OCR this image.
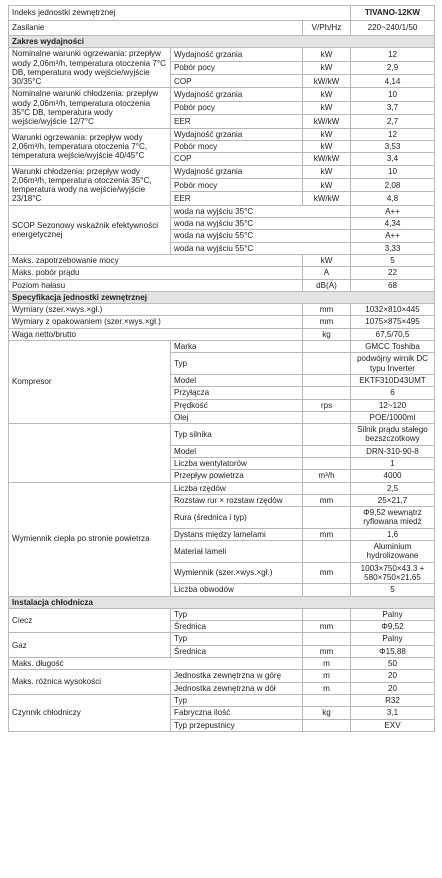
Indeks jednostki zewnętrznej			TIVANO-12KW
Zasilanie		V/Ph/Hz	220~240/1/50
Zakres wydajności			
Nominalne warunki ogrzewania: przepływ wody 2,06m³/h, temperatura otoczenia 7°C DB, temperatura wody wejście/wyjście 30/35°C	Wydajność grzania	kW	12
	Pobór pocy	kW	2,9
	COP	kW/kW	4,14
Nominalne warunki chłodzenia: przepływ wody 2,06m³/h, temperatura otoczenia 35°C DB, temperatura wody wejście/wyjście 12/7°C	Wydajność grzania	kW	10
	Pobór pocy	kW	3,7
	EER	kW/kW	2,7
Warunki ogrzewania: przepływ wody 2,06m³/h, temperatura otoczenia 7°C, temperatura wejście/wyjście 40/45°C	Wydajność grzania	kW	12
	Pobór mocy	kW	3,53
	COP	kW/kW	3,4
Warunki chłodzenia: przepływ wody 2,06m³/h, temperatura otoczenia 35°C, temperatura wody na wejście/wyjście 23/18°C	Wydajność grzania	kW	10
	Pobór mocy	kW	2,08
	EER	kW/kW	4,8
SCOP Sezonowy wskaźnik efektywności energetycznej	woda na wyjściu 35°C		A++
	woda na wyjściu 35°C		4,34
	woda na wyjściu 55°C		A++
	woda na wyjściu 55°C		3,33
Maks. zapotrzebowanie mocy		kW	5
Maks. pobór prądu		A	22
Poziom hałasu		dB(A)	68
Specyfikacja jednostki zewnętrznej			
Wymiary (szer.×wys.×gł.)		mm	1032×810×445
Wymiary z opakowaniem (szer.×wys.×gł.)		mm	1075×875×495
Waga netto/brutto		kg	67,5/70,5
Kompresor	Marka		GMCC Toshiba
	Typ		podwójny wirnik DC typu Inverter
	Model		EKTF310D43UMT
	Przyłącza		6
	Prędkość	rps	12~120
	Olej		POE/1000ml
	Typ silnika		Silnik prądu stałego bezszczotkowy
	Model		DRN-310-90-8
	Liczba wentylatorów		1
	Przepływ powietrza	m³/h	4000
Wymiennik ciepła po stronie powietrza	Liczba rzędów		2,5
	Rozstaw rur × rozstaw rzędów	mm	25×21,7
	Rura (średnica i typ)		Φ9,52 wewnątrz ryflowana miedź
	Dystans między lamelami	mm	1,6
	Materiał lameli		Aluminium hydrolizowane
	Wymiennik (szer.×wys.×gł.)	mm	1003×750×43.3 + 580×750×21.65
	Liczba obwodów		5
Instalacja chłodnicza			
Ciecz	Typ		Palny
	Średnica	mm	Φ9,52
Gaz	Typ		Palny
	Średnica	mm	Φ15,88
Maks. długość		m	50
Maks. różnica wysokości	Jednostka zewnętrzna w górę	m	20
	Jednostka zewnętrzna w dół	m	20
Czynnik chłodniczy	Typ		R32
	Fabryczna ilość	kg	3,1
	Typ przepustnicy		EXV
